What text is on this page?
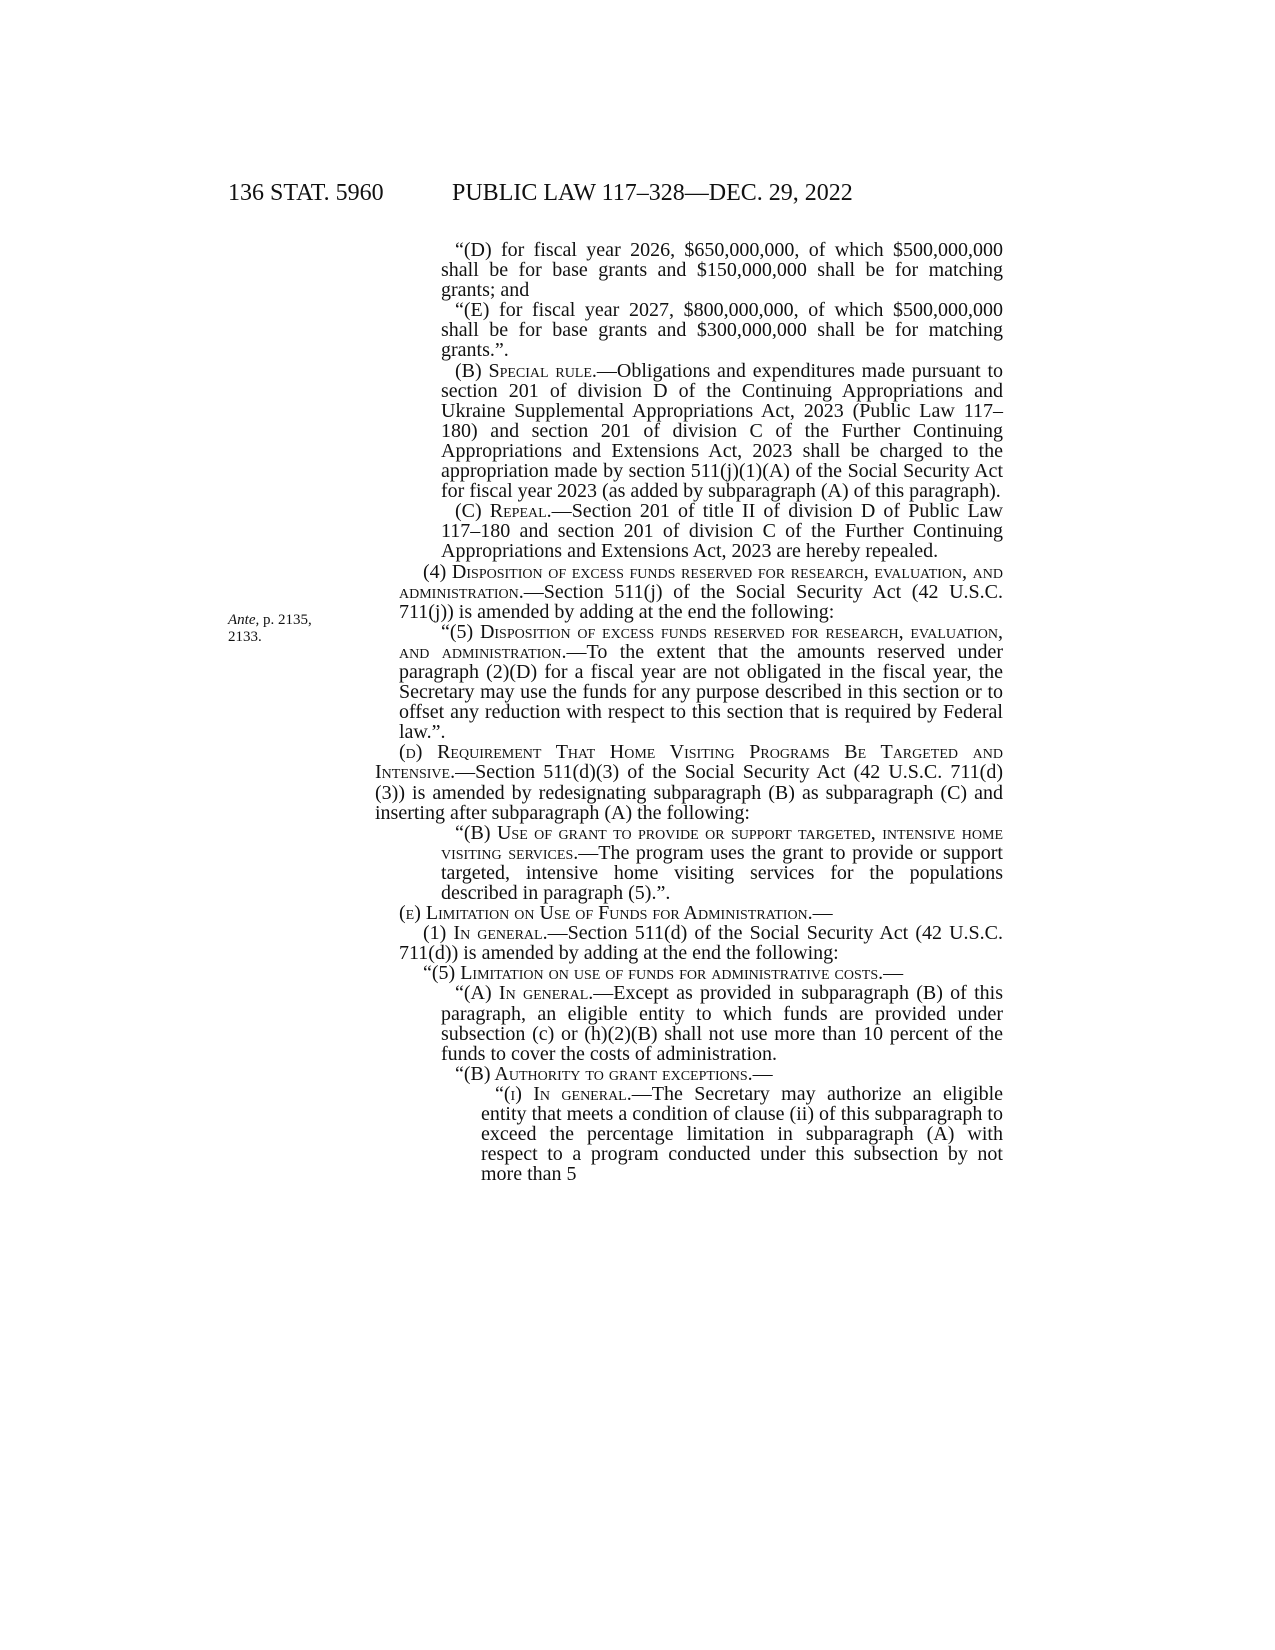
136 STAT. 5960	PUBLIC LAW 117–328—DEC. 29, 2022
Ante, p. 2135,
2133.

“(D) for fiscal year 2026, $650,000,000, of which $500,000,000 shall be for base grants and $150,000,000 shall be for matching grants; and

“(E) for fiscal year 2027, $800,000,000, of which $500,000,000 shall be for base grants and $300,000,000 shall be for matching grants.”.

(B) Special rule.—Obligations and expenditures made pursuant to section 201 of division D of the Continuing Appropriations and Ukraine Supplemental Appropriations Act, 2023 (Public Law 117–180) and section 201 of division C of the Further Continuing Appropriations and Extensions Act, 2023 shall be charged to the appropriation made by section 511(j)(1)(A) of the Social Security Act for fiscal year 2023 (as added by subparagraph (A) of this paragraph).

(C) Repeal.—Section 201 of title II of division D of Public Law 117–180 and section 201 of division C of the Further Continuing Appropriations and Extensions Act, 2023 are hereby repealed.

(4) Disposition of excess funds reserved for research, evaluation, and administration.—Section 511(j) of the Social Security Act (42 U.S.C. 711(j)) is amended by adding at the end the following:

“(5) Disposition of excess funds reserved for research, evaluation, and administration.—To the extent that the amounts reserved under paragraph (2)(D) for a fiscal year are not obligated in the fiscal year, the Secretary may use the funds for any purpose described in this section or to offset any reduction with respect to this section that is required by Federal law.”.

(d) Requirement That Home Visiting Programs Be Targeted and Intensive.—Section 511(d)(3) of the Social Security Act (42 U.S.C. 711(d)(3)) is amended by redesignating subparagraph (B) as subparagraph (C) and inserting after subparagraph (A) the following:

“(B) Use of grant to provide or support targeted, intensive home visiting services.—The program uses the grant to provide or support targeted, intensive home visiting services for the populations described in paragraph (5).”.

(e) Limitation on Use of Funds for Administration.—

(1) In general.—Section 511(d) of the Social Security Act (42 U.S.C. 711(d)) is amended by adding at the end the following:

“(5) Limitation on use of funds for administrative costs.—

“(A) In general.—Except as provided in subparagraph (B) of this paragraph, an eligible entity to which funds are provided under subsection (c) or (h)(2)(B) shall not use more than 10 percent of the funds to cover the costs of administration.

“(B) Authority to grant exceptions.—

“(i) In general.—The Secretary may authorize an eligible entity that meets a condition of clause (ii) of this subparagraph to exceed the percentage limitation in subparagraph (A) with respect to a program conducted under this subsection by not more than 5
